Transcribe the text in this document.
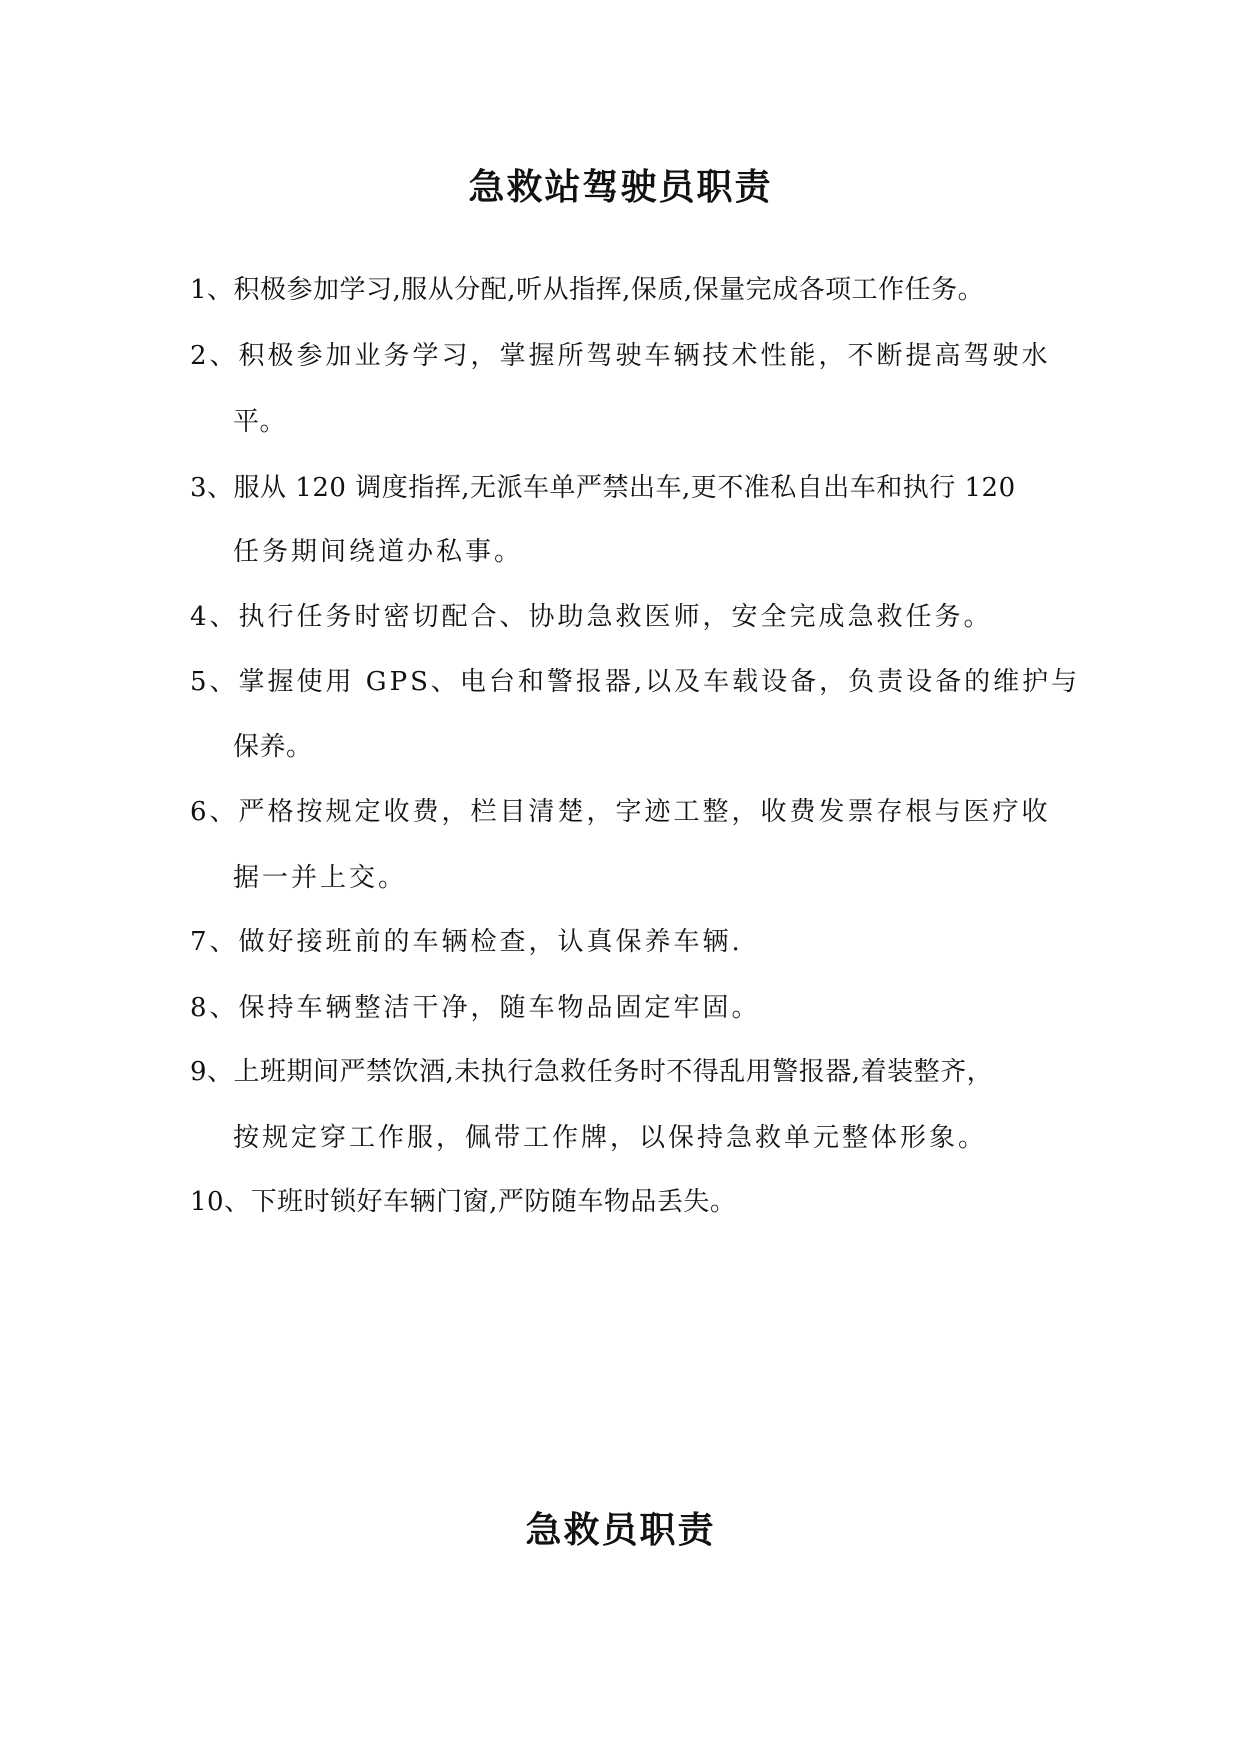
急救站驾驶员职责
1、积极参加学习,服从分配,听从指挥,保质,保量完成各项工作任务。
2、积极参加业务学习，掌握所驾驶车辆技术性能，不断提高驾驶水
平。
3、服从 120 调度指挥,无派车单严禁出车,更不准私自出车和执行 120
任务期间绕道办私事。
4、执行任务时密切配合、协助急救医师，安全完成急救任务。
5、掌握使用 GPS、电台和警报器,以及车载设备，负责设备的维护与
保养。
6、严格按规定收费，栏目清楚，字迹工整，收费发票存根与医疗收
据一并上交。
7、做好接班前的车辆检查，认真保养车辆.
8、保持车辆整洁干净，随车物品固定牢固。
9、上班期间严禁饮酒,未执行急救任务时不得乱用警报器,着装整齐，
按规定穿工作服，佩带工作牌，以保持急救单元整体形象。
10、下班时锁好车辆门窗,严防随车物品丢失。
急救员职责
